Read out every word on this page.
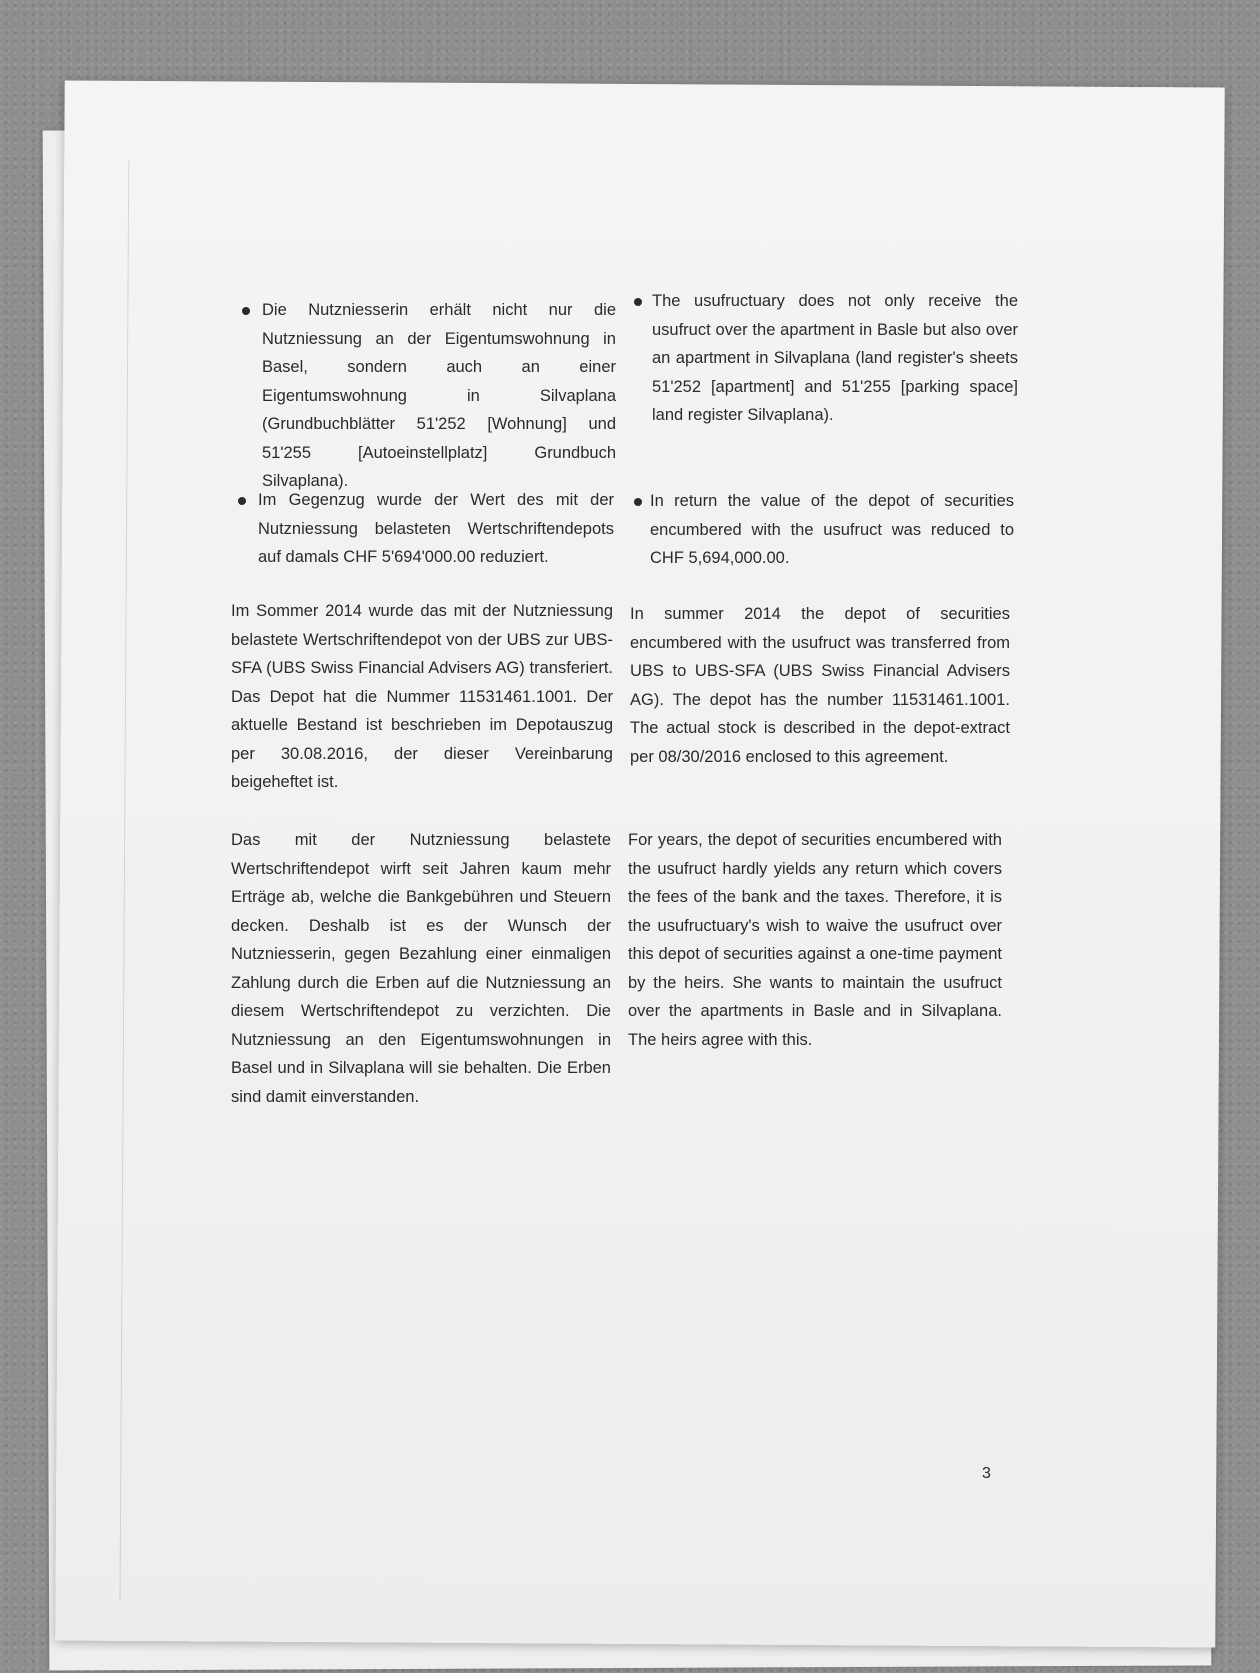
Die Nutzniesserin erhält nicht nur die Nutzniessung an der Eigentumswohnung in Basel, sondern auch an einer Eigentumswohnung in Silvaplana (Grundbuchblätter 51'252 [Wohnung] und 51'255 [Autoeinstellplatz] Grundbuch Silvaplana).
The usufructuary does not only receive the usufruct over the apartment in Basle but also over an apartment in Silvaplana (land register's sheets 51'252 [apartment] and 51'255 [parking space] land register Silvaplana).
Im Gegenzug wurde der Wert des mit der Nutzniessung belasteten Wertschriftendepots auf damals CHF 5'694'000.00 reduziert.
In return the value of the depot of securities encumbered with the usufruct was reduced to CHF 5,694,000.00.
Im Sommer 2014 wurde das mit der Nutzniessung belastete Wertschriftendepot von der UBS zur UBS-SFA (UBS Swiss Financial Advisers AG) transferiert. Das Depot hat die Nummer 11531461.1001. Der aktuelle Bestand ist beschrieben im Depotauszug per 30.08.2016, der dieser Vereinbarung beigeheftet ist.
In summer 2014 the depot of securities encumbered with the usufruct was transferred from UBS to UBS-SFA (UBS Swiss Financial Advisers AG). The depot has the number 11531461.1001. The actual stock is described in the depot-extract per 08/30/2016 enclosed to this agreement.
Das mit der Nutzniessung belastete Wertschriftendepot wirft seit Jahren kaum mehr Erträge ab, welche die Bankgebühren und Steuern decken. Deshalb ist es der Wunsch der Nutzniesserin, gegen Bezahlung einer einmaligen Zahlung durch die Erben auf die Nutzniessung an diesem Wertschriftendepot zu verzichten. Die Nutzniessung an den Eigentumswohnungen in Basel und in Silvaplana will sie behalten. Die Erben sind damit einverstanden.
For years, the depot of securities encumbered with the usufruct hardly yields any return which covers the fees of the bank and the taxes. Therefore, it is the usufructuary's wish to waive the usufruct over this depot of securities against a one-time payment by the heirs. She wants to maintain the usufruct over the apartments in Basle and in Silvaplana. The heirs agree with this.
3
